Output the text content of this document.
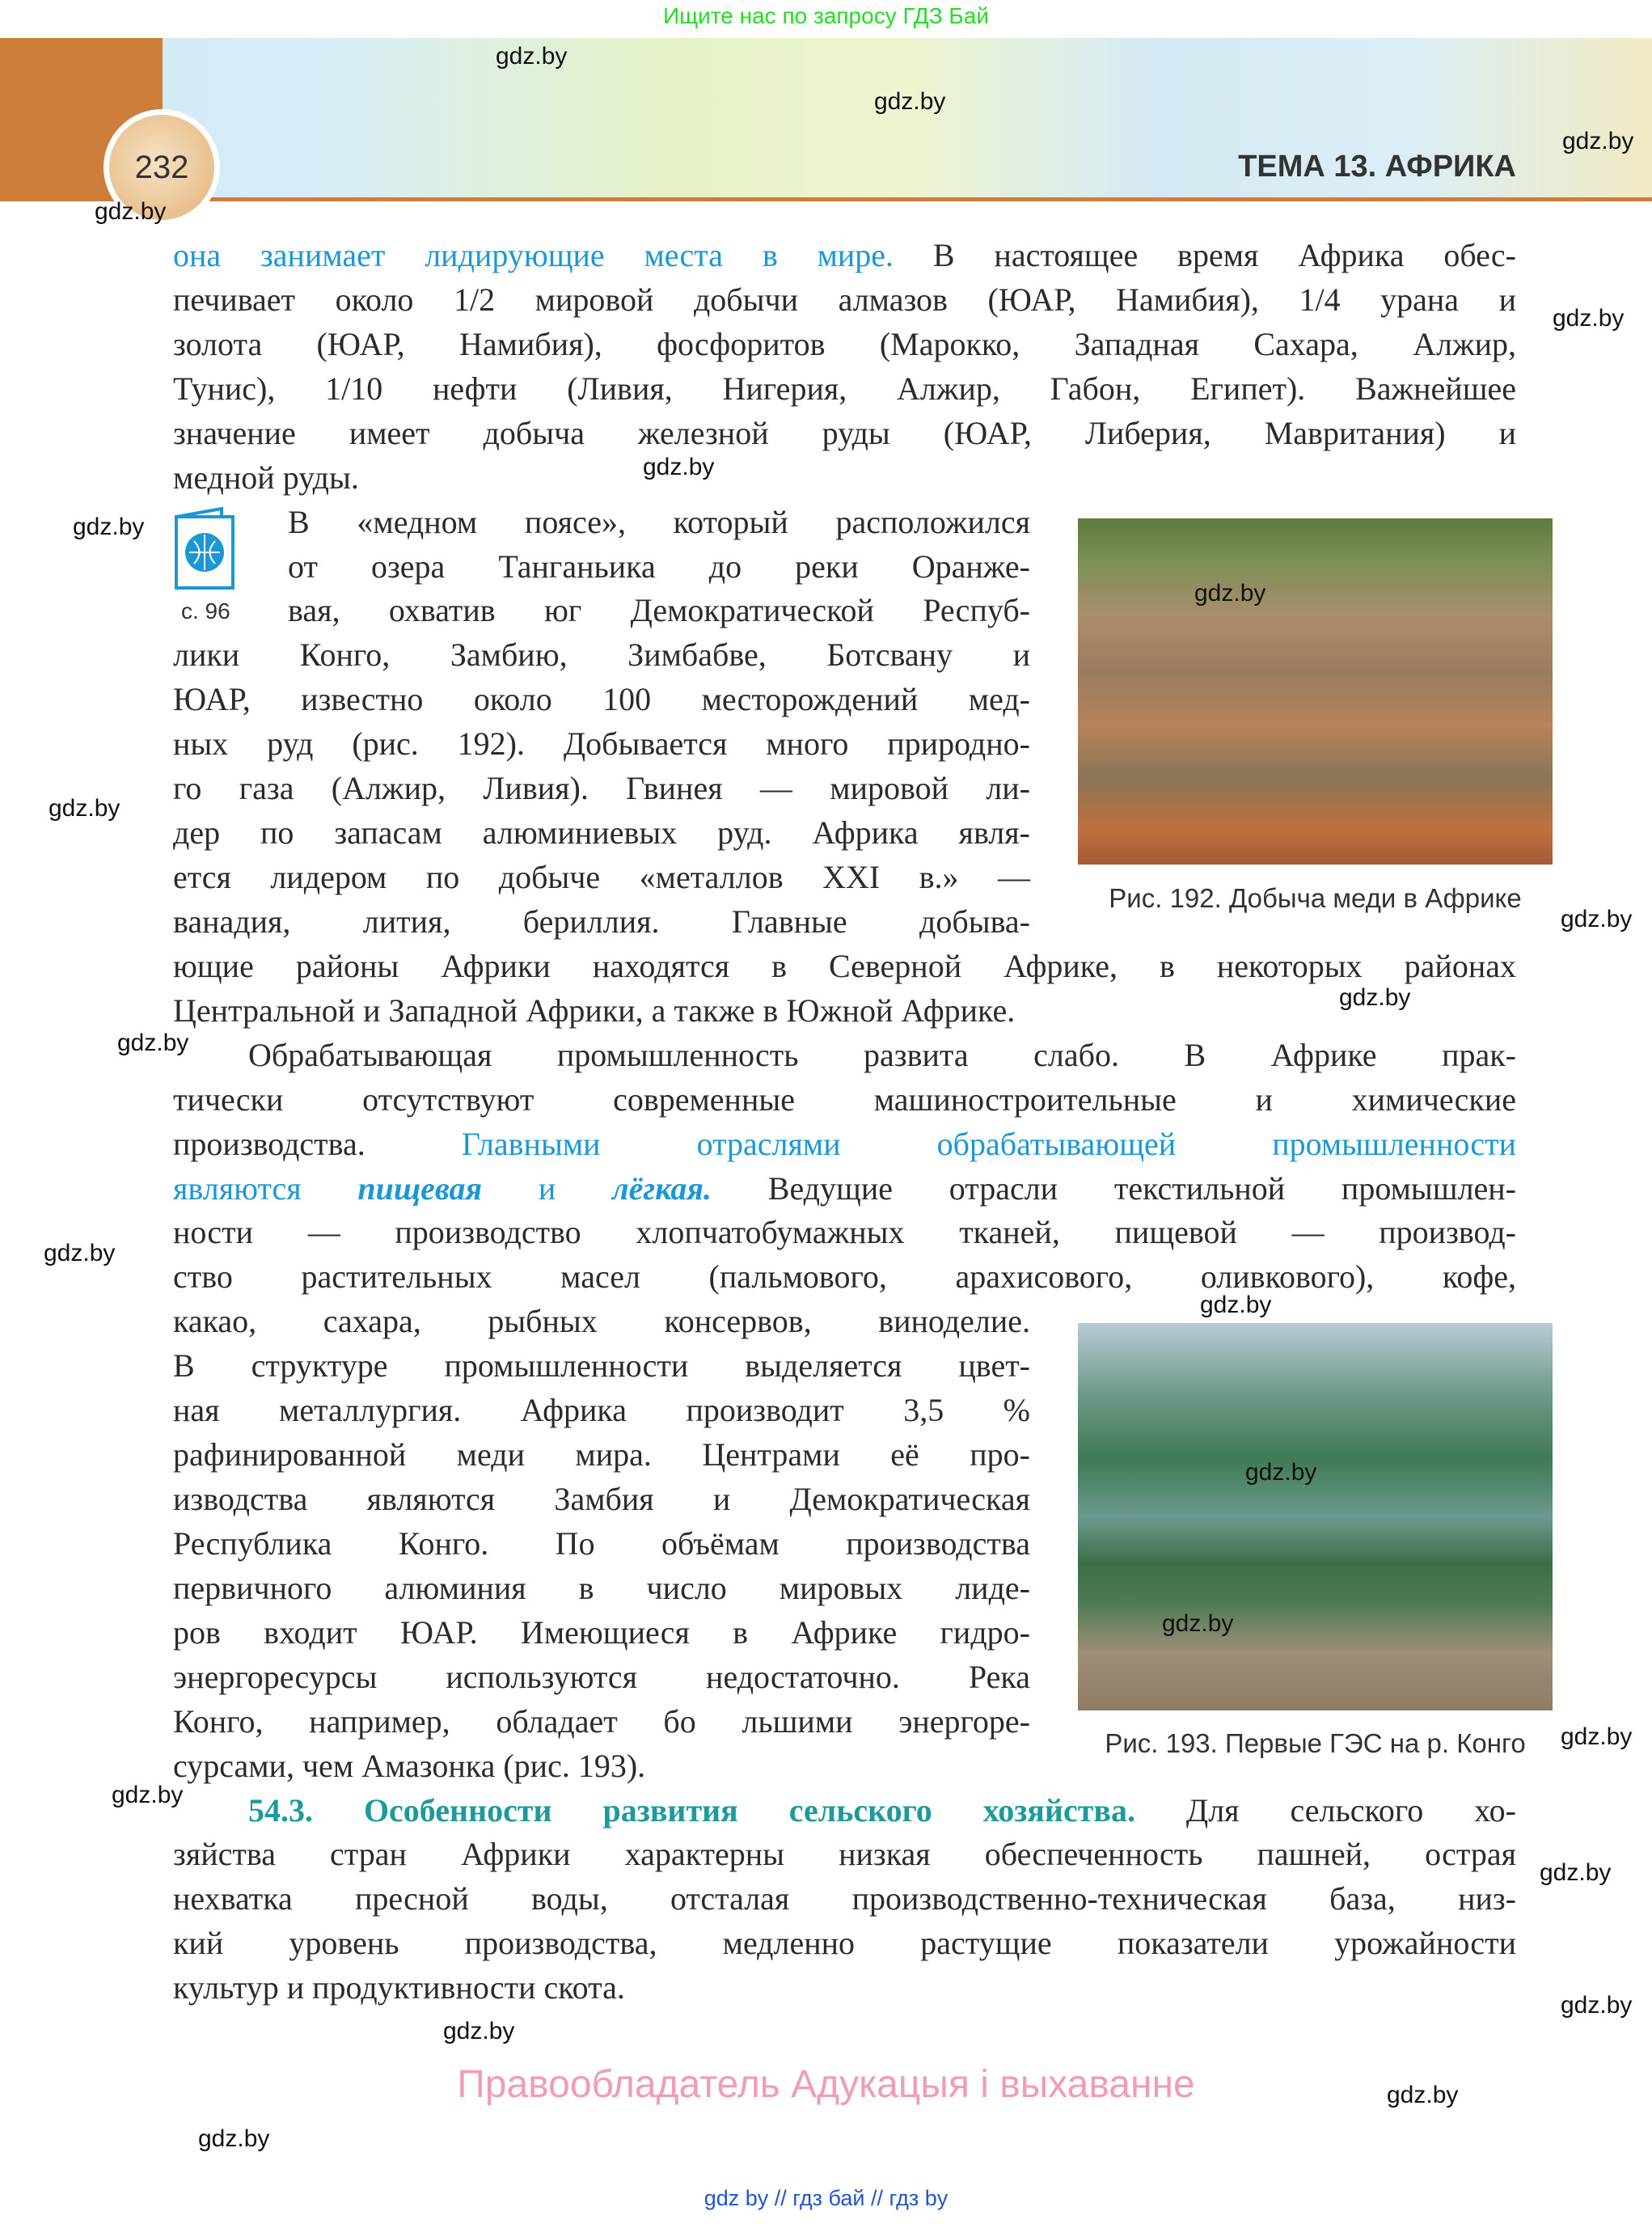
Ищите нас по запросу ГДЗ Бай
232	ТЕМА 13. АФРИКА
она занимает лидирующие места в мире. В настоящее время Африка обес-
печивает около 1/2 мировой добычи алмазов (ЮАР, Намибия), 1/4 урана и
золота (ЮАР, Намибия), фосфоритов (Марокко, Западная Сахара, Алжир,
Тунис), 1/10 нефти (Ливия, Нигерия, Алжир, Габон, Египет). Важнейшее
значение имеет добыча железной руды (ЮАР, Либерия, Мавритания) и
медной руды.
В «медном поясе», который расположился
от озера Танганьика до реки Оранже-
вая, охватив юг Демократической Респуб-
лики Конго, Замбию, Зимбабве, Ботсвану и
ЮАР, известно около 100 месторождений мед-
ных руд (рис. 192). Добывается много природно-
го газа (Алжир, Ливия). Гвинея — мировой ли-
дер по запасам алюминиевых руд. Африка явля-
ется лидером по добыче «металлов XXI в.» —
ванадия, лития, бериллия. Главные добыва-
ющие районы Африки находятся в Северной Африке, в некоторых районах
Центральной и Западной Африки, а также в Южной Африке.
Обрабатывающая промышленность развита слабо. В Африке прак-
тически отсутствуют современные машиностроительные и химические
производства. Главными отраслями обрабатывающей промышленности
являются пищевая и лёгкая. Ведущие отрасли текстильной промышлен-
ности — производство хлопчатобумажных тканей, пищевой — производ-
ство растительных масел (пальмового, арахисового, оливкового), кофе,
какао, сахара, рыбных консервов, виноделие.
В структуре промышленности выделяется цвет-
ная металлургия. Африка производит 3,5 %
рафинированной меди мира. Центрами её про-
изводства являются Замбия и Демократическая
Республика Конго. По объёмам производства
первичного алюминия в число мировых лиде-
ров входит ЮАР. Имеющиеся в Африке гидро-
энергоресурсы используются недостаточно. Река
Конго, например, обладает бо льшими энергоре-
сурсами, чем Амазонка (рис. 193).
54.3. Особенности развития сельского хозяйства. Для сельского хо-
зяйства стран Африки характерны низкая обеспеченность пашней, острая
нехватка пресной воды, отсталая производственно-техническая база, низ-
кий уровень производства, медленно растущие показатели урожайности
культур и продуктивности скота.
с. 96
Рис. 192. Добыча меди в Африке
Рис. 193. Первые ГЭС на р. Конго
gdz.by
gdz.by
gdz.by
gdz.by
gdz.by
gdz.by
gdz.by
gdz.by
gdz.by
gdz.by
gdz.by
gdz.by
gdz.by
gdz.by
gdz.by
gdz.by
gdz.by
gdz.by
gdz.by
gdz.by
gdz.by
gdz.by
gdz.by
Правообладатель Адукацыя і выхаванне
gdz by // гдз бай // гдз by
